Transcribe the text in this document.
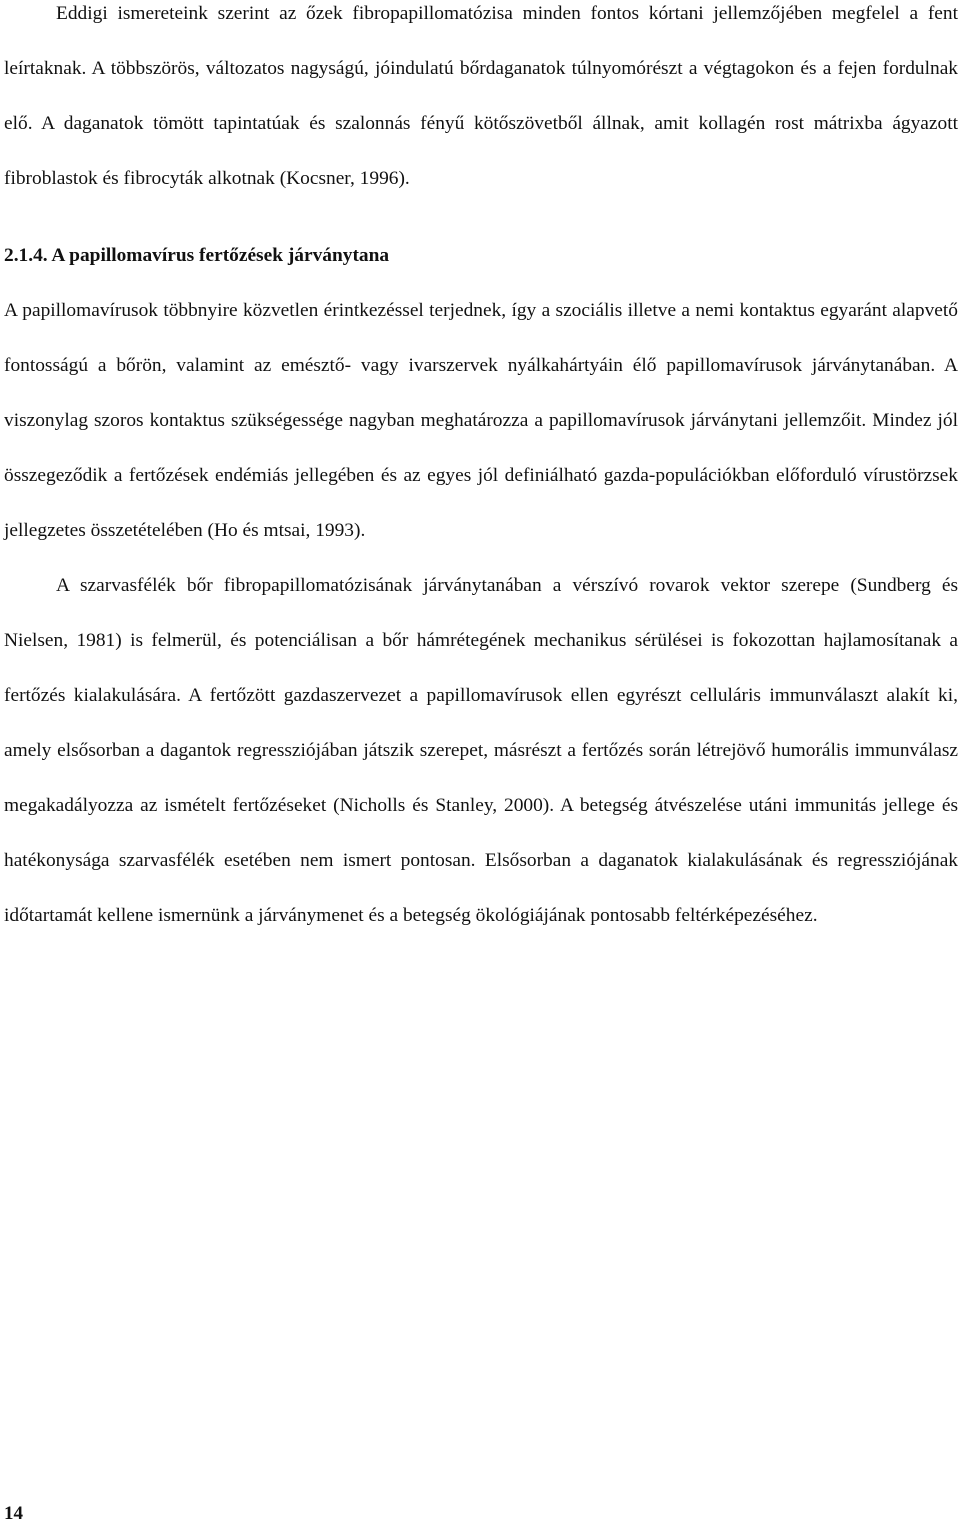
Eddigi ismereteink szerint az őzek fibropapillomatózisa minden fontos kórtani jellemzőjében megfelel a fent leírtaknak. A többszörös, változatos nagyságú, jóindulatú bőrdaganatok túlnyomórészt a végtagokon és a fejen fordulnak elő. A daganatok tömött tapintatúak és szalonnás fényű kötőszövetből állnak, amit kollagén rost mátrixba ágyazott fibroblastok és fibrocyták alkotnak (Kocsner, 1996).

2.1.4. A papillomavírus fertőzések járványtana

A papillomavírusok többnyire közvetlen érintkezéssel terjednek, így a szociális illetve a nemi kontaktus egyaránt alapvető fontosságú a bőrön, valamint az emésztő- vagy ivarszervek nyálkahártyáin élő papillomavírusok járványtanában. A viszonylag szoros kontaktus szükségessége nagyban meghatározza a papillomavírusok járványtani jellemzőit. Mindez jól összegeződik a fertőzések endémiás jellegében és az egyes jól definiálható gazda-populációkban előforduló vírustörzsek jellegzetes összetételében (Ho és mtsai, 1993).

A szarvasfélék bőr fibropapillomatózisának járványtanában a vérszívó rovarok vektor szerepe (Sundberg és Nielsen, 1981) is felmerül, és potenciálisan a bőr hámrétegének mechanikus sérülései is fokozottan hajlamosítanak a fertőzés kialakulására. A fertőzött gazdaszervezet a papillomavírusok ellen egyrészt celluláris immunválaszt alakít ki, amely elsősorban a dagantok regressziójában játszik szerepet, másrészt a fertőzés során létrejövő humorális immunválasz megakadályozza az ismételt fertőzéseket (Nicholls és Stanley, 2000). A betegség átvészelése utáni immunitás jellege és hatékonysága szarvasfélék esetében nem ismert pontosan. Elsősorban a daganatok kialakulásának és regressziójának időtartamát kellene ismernünk a járványmenet és a betegség ökológiájának pontosabb feltérképezéséhez.

14
